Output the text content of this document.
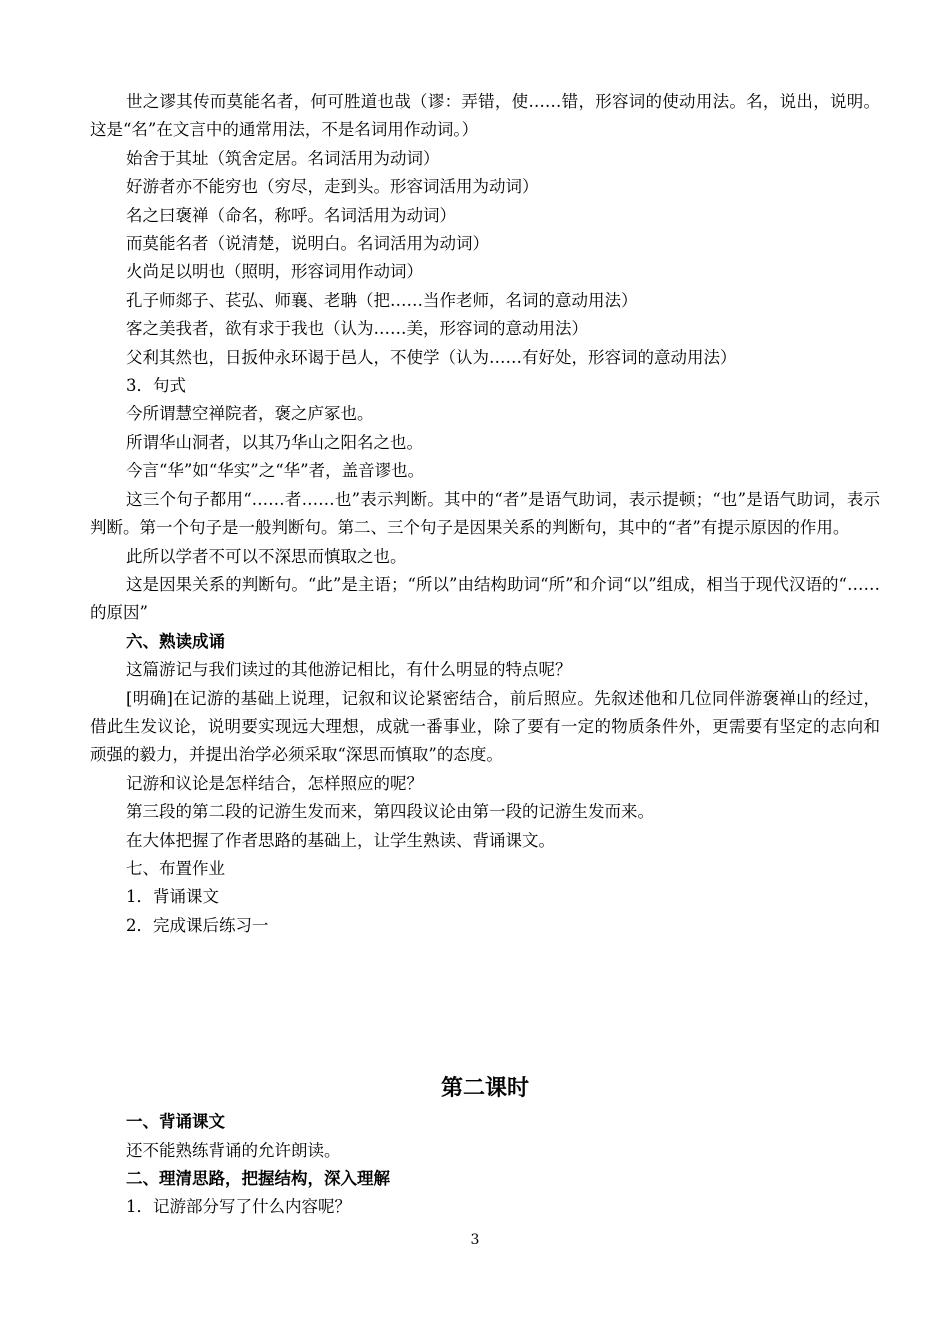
世之谬其传而莫能名者，何可胜道也哉（谬：弄错，使……错，形容词的使动用法。名，说出，说明。这是“名”在文言中的通常用法，不是名词用作动词。）

始舍于其址（筑舍定居。名词活用为动词）

好游者亦不能穷也（穷尽，走到头。形容词活用为动词）

名之曰褒禅（命名，称呼。名词活用为动词）

而莫能名者（说清楚，说明白。名词活用为动词）

火尚足以明也（照明，形容词用作动词）

孔子师郯子、苌弘、师襄、老聃（把……当作老师，名词的意动用法）

客之美我者，欲有求于我也（认为……美，形容词的意动用法）

父利其然也，日扳仲永环谒于邑人，不使学（认为……有好处，形容词的意动用法）

3．句式

今所谓慧空禅院者，褒之庐冢也。

所谓华山洞者，以其乃华山之阳名之也。

今言“华”如“华实”之“华”者，盖音谬也。

这三个句子都用“……者……也”表示判断。其中的“者”是语气助词，表示提顿；“也”是语气助词，表示判断。第一个句子是一般判断句。第二、三个句子是因果关系的判断句，其中的“者”有提示原因的作用。

此所以学者不可以不深思而慎取之也。

这是因果关系的判断句。“此”是主语；“所以”由结构助词“所”和介词“以”组成，相当于现代汉语的“……的原因”

六、熟读成诵

这篇游记与我们读过的其他游记相比，有什么明显的特点呢？

[明确]在记游的基础上说理，记叙和议论紧密结合，前后照应。先叙述他和几位同伴游褒禅山的经过，借此生发议论，说明要实现远大理想，成就一番事业，除了要有一定的物质条件外，更需要有坚定的志向和顽强的毅力，并提出治学必须采取“深思而慎取”的态度。

记游和议论是怎样结合，怎样照应的呢？

第三段的第二段的记游生发而来，第四段议论由第一段的记游生发而来。

在大体把握了作者思路的基础上，让学生熟读、背诵课文。

七、布置作业

1．背诵课文

2．完成课后练习一

第二课时

一、背诵课文

还不能熟练背诵的允许朗读。

二、理清思路，把握结构，深入理解

1．记游部分写了什么内容呢？

3
